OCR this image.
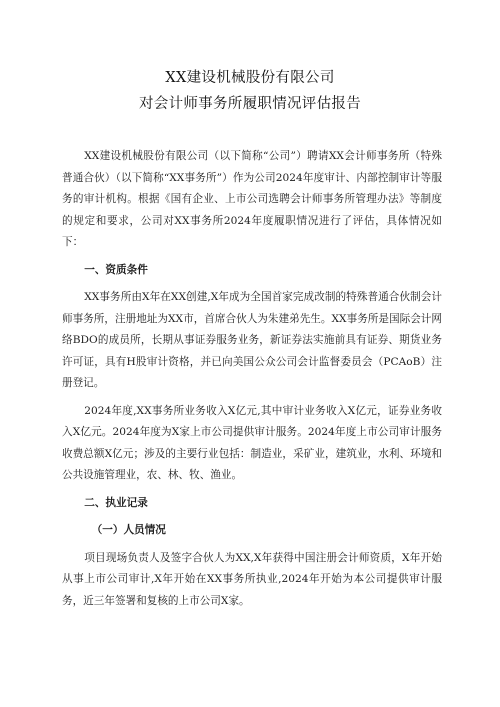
XX建设机械股份有限公司
对会计师事务所履职情况评估报告

XX建设机械股份有限公司（以下简称“公司”）聘请XX会计师事务所（特殊普通合伙）（以下简称“XX事务所”）作为公司2024年度审计、内部控制审计等服务的审计机构。根据《国有企业、上市公司选聘会计师事务所管理办法》等制度的规定和要求，公司对XX事务所2024年度履职情况进行了评估，具体情况如下：

一、资质条件

XX事务所由X年在XX创建,X年成为全国首家完成改制的特殊普通合伙制会计师事务所，注册地址为XX市，首席合伙人为朱建弟先生。XX事务所是国际会计网络BDO的成员所，长期从事证券服务业务，新证券法实施前具有证券、期货业务许可证，具有H股审计资格，并已向美国公众公司会计监督委员会（PCAoB）注册登记。

2024年度,XX事务所业务收入X亿元,其中审计业务收入X亿元，证券业务收入X亿元。2024年度为X家上市公司提供审计服务。2024年度上市公司审计服务收费总额X亿元；涉及的主要行业包括：制造业，采矿业，建筑业，水利、环境和公共设施管理业，农、林、牧、渔业。

二、执业记录

（一）人员情况

项目现场负责人及签字合伙人为XX,X年获得中国注册会计师资质，X年开始从事上市公司审计,X年开始在XX事务所执业,2024年开始为本公司提供审计服务，近三年签署和复核的上市公司X家。
